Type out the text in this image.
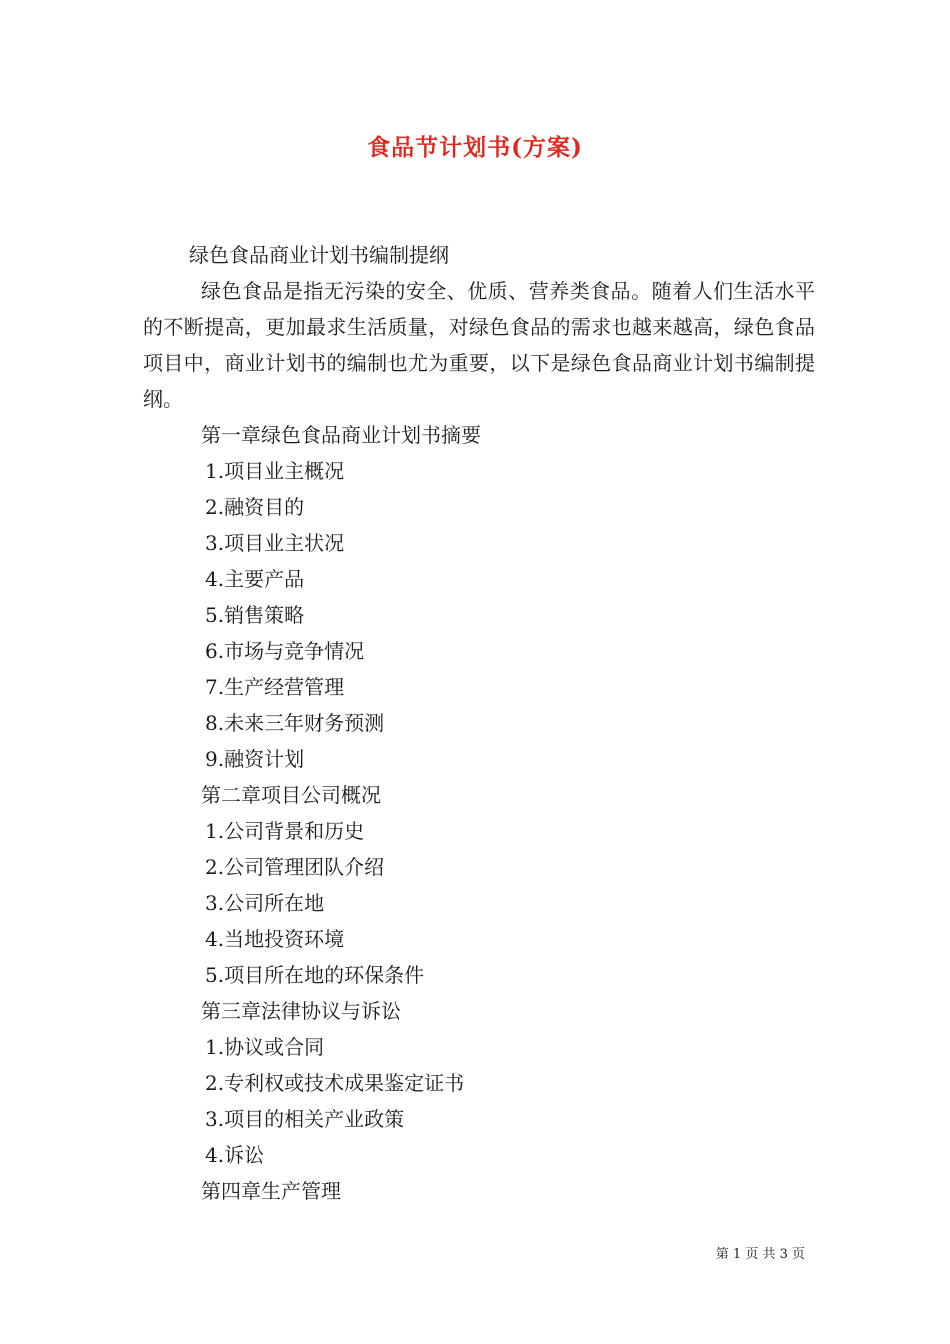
食品节计划书(方案)
绿色食品商业计划书编制提纲

绿色食品是指无污染的安全、优质、营养类食品。随着人们生活水平的不断提高，更加最求生活质量，对绿色食品的需求也越来越高，绿色食品项目中，商业计划书的编制也尤为重要，以下是绿色食品商业计划书编制提纲。

第一章绿色食品商业计划书摘要
1.项目业主概况
2.融资目的
3.项目业主状况
4.主要产品
5.销售策略
6.市场与竞争情况
7.生产经营管理
8.未来三年财务预测
9.融资计划
第二章项目公司概况
1.公司背景和历史
2.公司管理团队介绍
3.公司所在地
4.当地投资环境
5.项目所在地的环保条件
第三章法律协议与诉讼
1.协议或合同
2.专利权或技术成果鉴定证书
3.项目的相关产业政策
4.诉讼
第四章生产管理
第 1 页 共 3 页
